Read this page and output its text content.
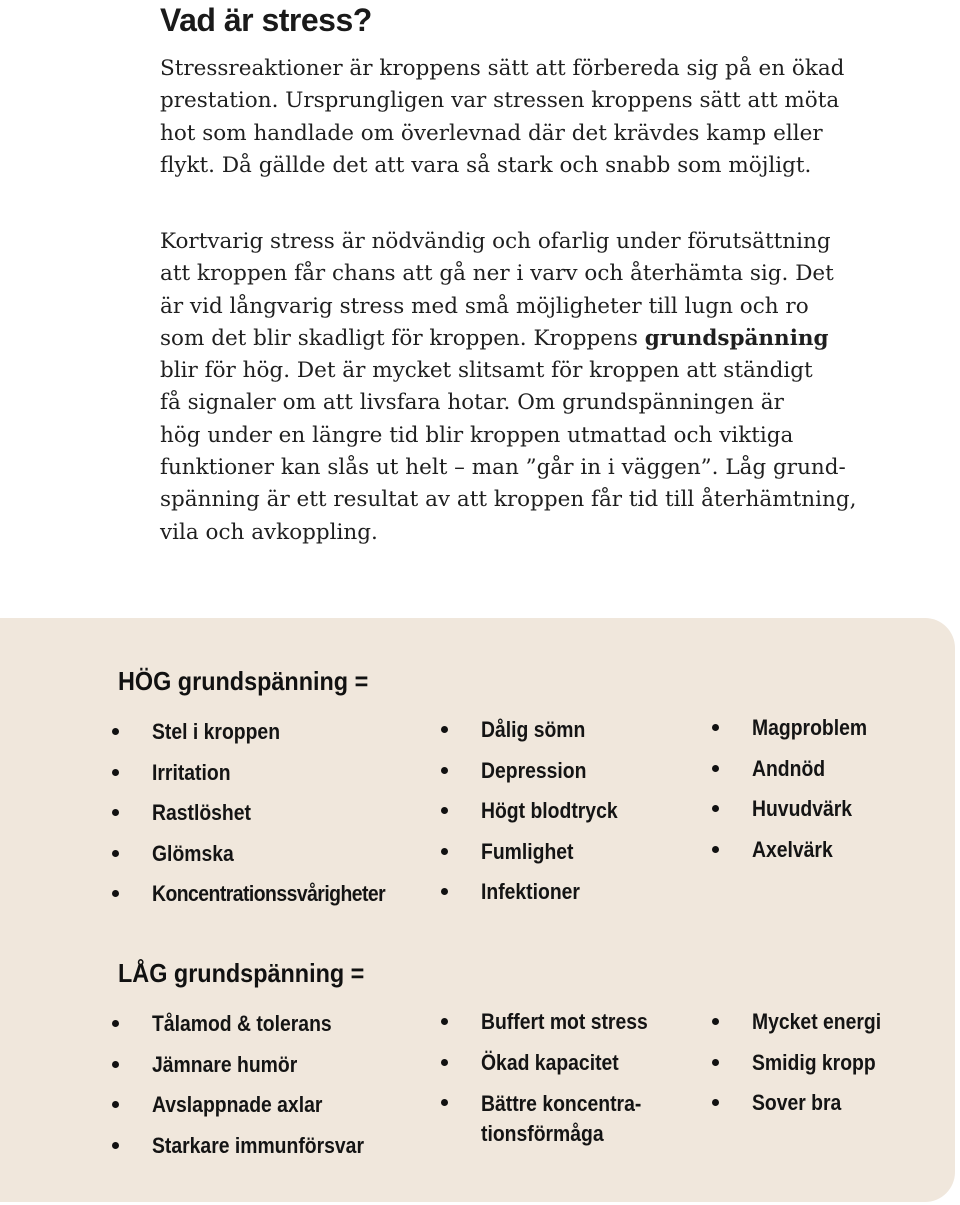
Vad är stress?

Stressreaktioner är kroppens sätt att förbereda sig på en ökad
prestation. Ursprungligen var stressen kroppens sätt att möta
hot som handlade om överlevnad där det krävdes kamp eller
flykt. Då gällde det att vara så stark och snabb som möjligt.

Kortvarig stress är nödvändig och ofarlig under förutsättning
att kroppen får chans att gå ner i varv och återhämta sig. Det
är vid långvarig stress med små möjligheter till lugn och ro
som det blir skadligt för kroppen. Kroppens grundspänning
blir för hög. Det är mycket slitsamt för kroppen att ständigt
få signaler om att livsfara hotar. Om grundspänningen är
hög under en längre tid blir kroppen utmattad och viktiga
funktioner kan slås ut helt – man ”går in i väggen”. Låg grund-
spänning är ett resultat av att kroppen får tid till återhämtning,
vila och avkoppling.

HÖG grundspänning =
Stel i kroppen
Irritation
Rastlöshet
Glömska
Koncentrationssvårigheter
Dålig sömn
Depression
Högt blodtryck
Fumlighet
Infektioner
Magproblem
Andnöd
Huvudvärk
Axelvärk
LÅG grundspänning =
Tålamod & tolerans
Jämnare humör
Avslappnade axlar
Starkare immunförsvar
Buffert mot stress
Ökad kapacitet
Bättre koncentra-
tionsförmåga
Mycket energi
Smidig kropp
Sover bra
